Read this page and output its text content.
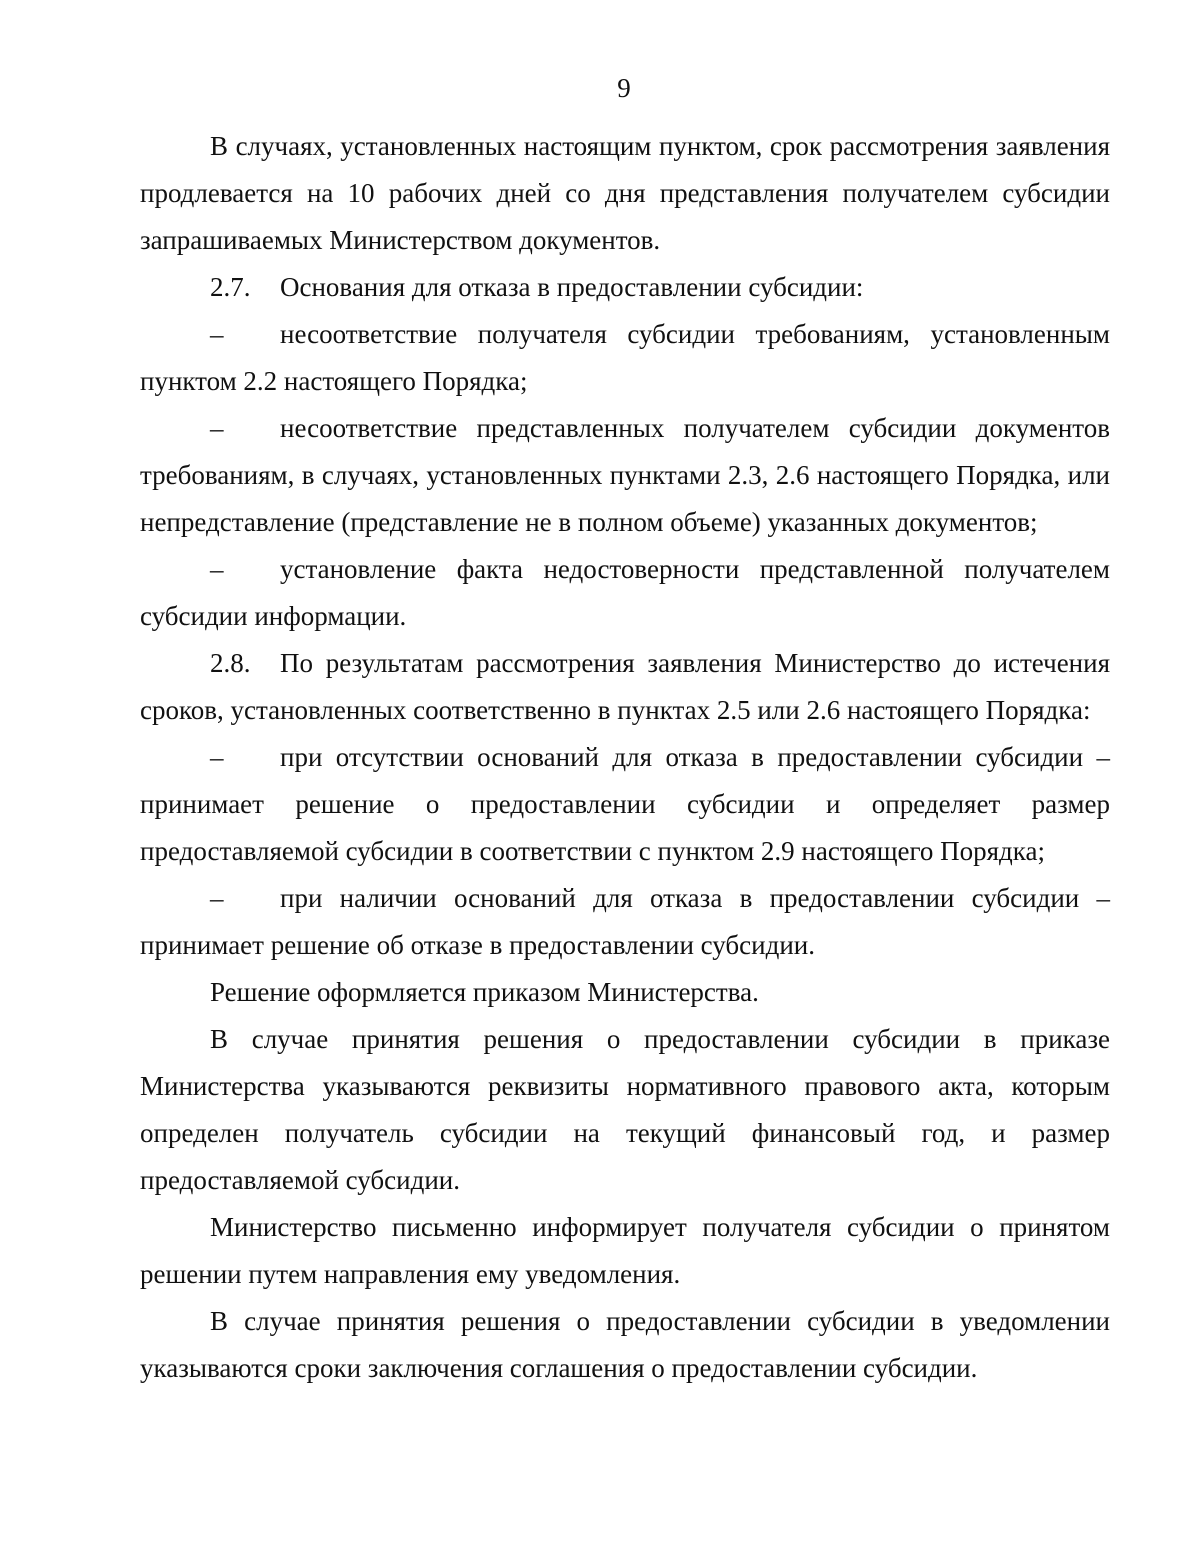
9

В случаях, установленных настоящим пунктом, срок рассмотрения заявления продлевается на 10 рабочих дней со дня представления получателем субсидии запрашиваемых Министерством документов.

2.7. Основания для отказа в предоставлении субсидии:

– несоответствие получателя субсидии требованиям, установленным пунктом 2.2 настоящего Порядка;

– несоответствие представленных получателем субсидии документов требованиям, в случаях, установленных пунктами 2.3, 2.6 настоящего Порядка, или непредставление (представление не в полном объеме) указанных документов;

– установление факта недостоверности представленной получателем субсидии информации.

2.8. По результатам рассмотрения заявления Министерство до истечения сроков, установленных соответственно в пунктах 2.5 или 2.6 настоящего Порядка:

– при отсутствии оснований для отказа в предоставлении субсидии – принимает решение о предоставлении субсидии и определяет размер предоставляемой субсидии в соответствии с пунктом 2.9 настоящего Порядка;

– при наличии оснований для отказа в предоставлении субсидии – принимает решение об отказе в предоставлении субсидии.

Решение оформляется приказом Министерства.

В случае принятия решения о предоставлении субсидии в приказе Министерства указываются реквизиты нормативного правового акта, которым определен получатель субсидии на текущий финансовый год, и размер предоставляемой субсидии.

Министерство письменно информирует получателя субсидии о принятом решении путем направления ему уведомления.

В случае принятия решения о предоставлении субсидии в уведомлении указываются сроки заключения соглашения о предоставлении субсидии.
